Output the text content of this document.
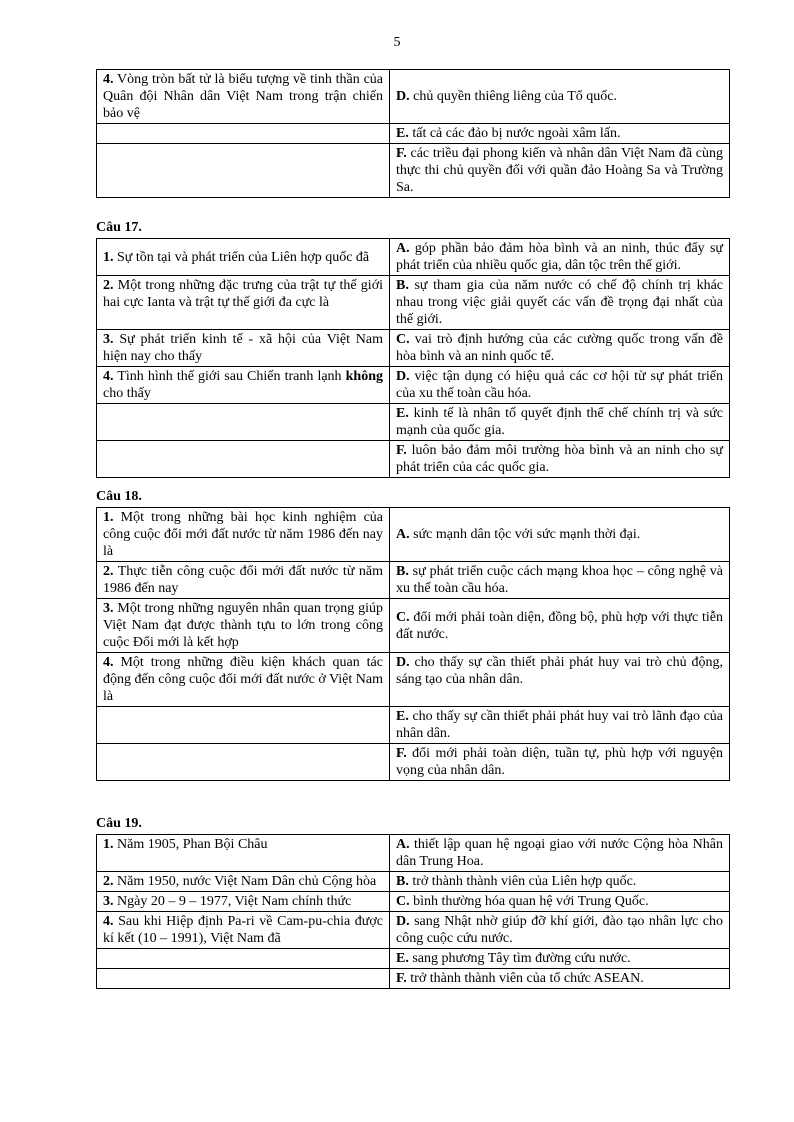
5
4. Vòng tròn bất tử là biểu tượng về tinh thần của Quân đội Nhân dân Việt Nam trong trận chiến bảo vệ	D. chủ quyền thiêng liêng của Tổ quốc.
	E. tất cả các đảo bị nước ngoài xâm lấn.
	F. các triều đại phong kiến và nhân dân Việt Nam đã cùng thực thi chủ quyền đối với quần đảo Hoàng Sa và Trường Sa.
Câu 17.
1. Sự tồn tại và phát triển của Liên hợp quốc đã	A. góp phần bảo đảm hòa bình và an ninh, thúc đẩy sự phát triển của nhiều quốc gia, dân tộc trên thế giới.
2. Một trong những đặc trưng của trật tự thế giới hai cực Ianta và trật tự thế giới đa cực là	B. sự tham gia của năm nước có chế độ chính trị khác nhau trong việc giải quyết các vấn đề trọng đại nhất của thế giới.
3. Sự phát triển kinh tế - xã hội của Việt Nam hiện nay cho thấy	C. vai trò định hướng của các cường quốc trong vấn đề hòa bình và an ninh quốc tế.
4. Tình hình thế giới sau Chiến tranh lạnh không cho thấy	D. việc tận dụng có hiệu quả các cơ hội từ sự phát triển của xu thế toàn cầu hóa.
	E. kinh tế là nhân tố quyết định thể chế chính trị và sức mạnh của quốc gia.
	F. luôn bảo đảm môi trường hòa bình và an ninh cho sự phát triển của các quốc gia.
Câu 18.
1. Một trong những bài học kinh nghiệm của công cuộc đổi mới đất nước từ năm 1986 đến nay là	A. sức mạnh dân tộc với sức mạnh thời đại.
2. Thực tiễn công cuộc đổi mới đất nước từ năm 1986 đến nay	B. sự phát triển cuộc cách mạng khoa học – công nghệ và xu thế toàn cầu hóa.
3. Một trong những nguyên nhân quan trọng giúp Việt Nam đạt được thành tựu to lớn trong công cuộc Đổi mới là kết hợp	C. đổi mới phải toàn diện, đồng bộ, phù hợp với thực tiễn đất nước.
4. Một trong những điều kiện khách quan tác động đến công cuộc đổi mới đất nước ở Việt Nam là	D. cho thấy sự cần thiết phải phát huy vai trò chủ động, sáng tạo của nhân dân.
	E. cho thấy sự cần thiết phải phát huy vai trò lãnh đạo của nhân dân.
	F. đổi mới phải toàn diện, tuần tự, phù hợp với nguyện vọng của nhân dân.
Câu 19.
1. Năm 1905, Phan Bội Châu	A. thiết lập quan hệ ngoại giao với nước Cộng hòa Nhân dân Trung Hoa.
2. Năm 1950, nước Việt Nam Dân chủ Cộng hòa	B. trở thành thành viên của Liên hợp quốc.
3. Ngày 20 – 9 – 1977, Việt Nam chính thức	C. bình thường hóa quan hệ với Trung Quốc.
4. Sau khi Hiệp định Pa-ri về Cam-pu-chia được kí kết (10 – 1991), Việt Nam đã	D. sang Nhật nhờ giúp đỡ khí giới, đào tạo nhân lực cho công cuộc cứu nước.
	E. sang phương Tây tìm đường cứu nước.
	F. trở thành thành viên của tổ chức ASEAN.
